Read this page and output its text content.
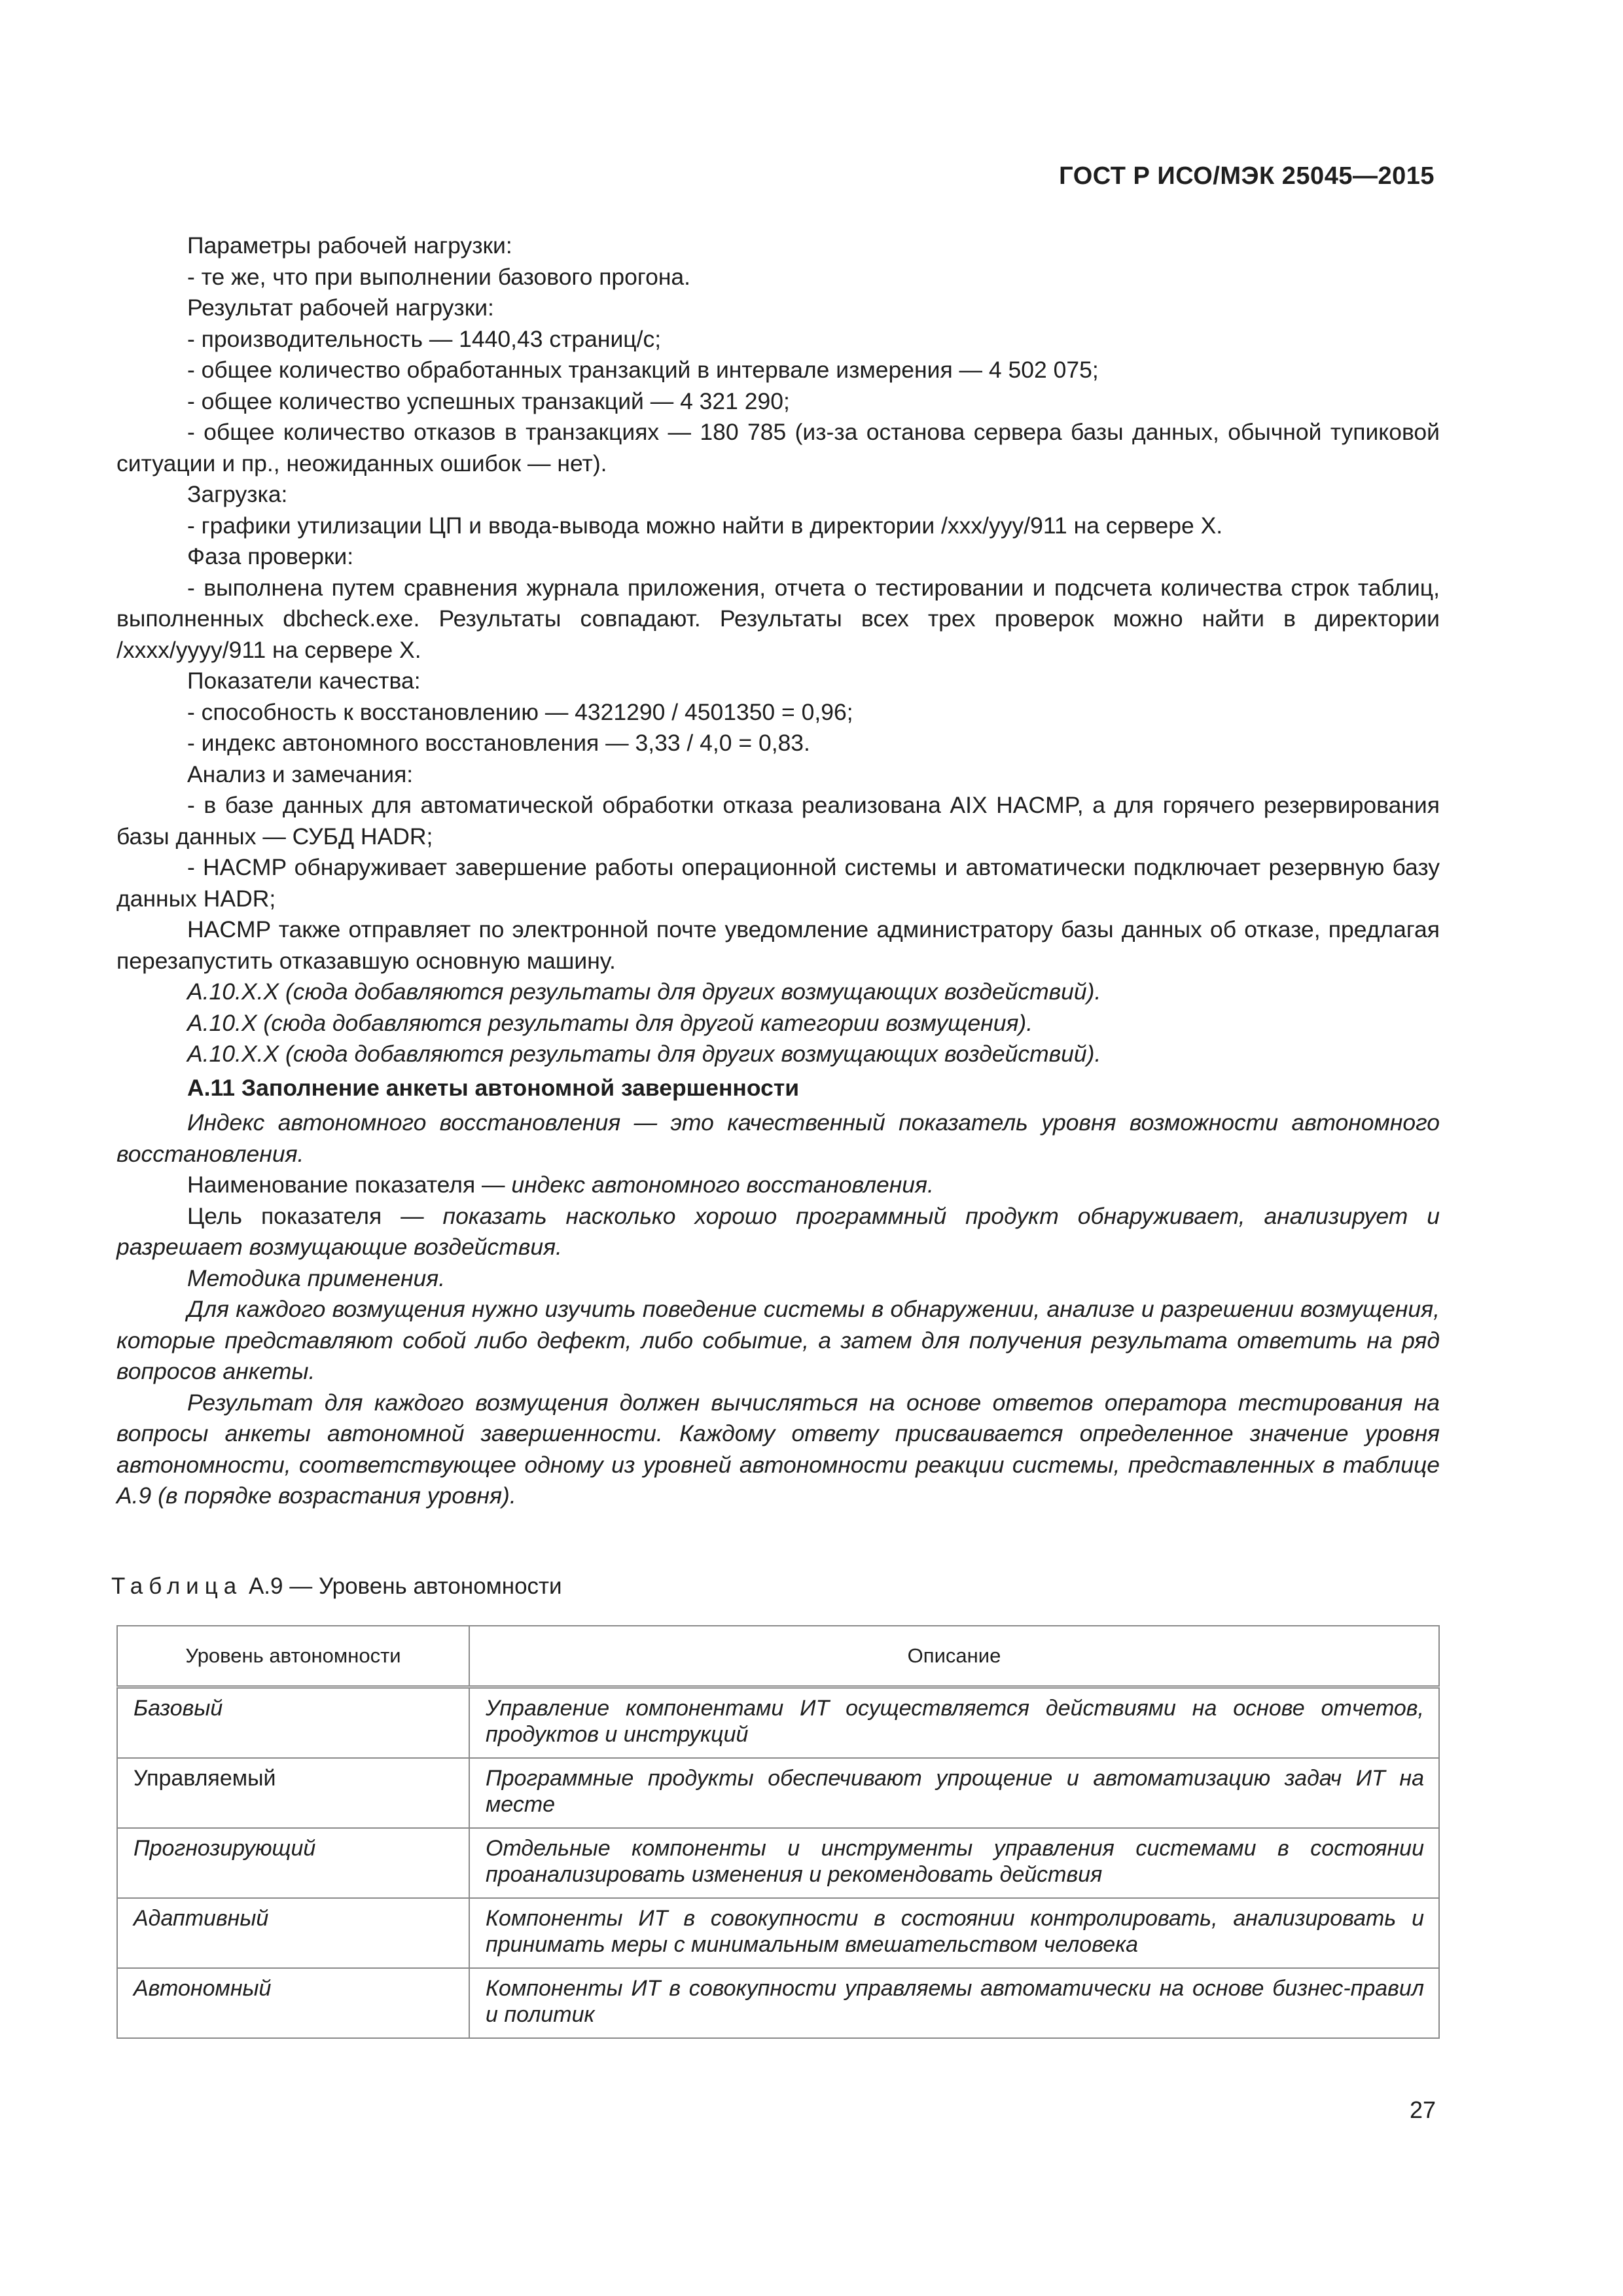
ГОСТ Р ИСО/МЭК 25045—2015

Параметры рабочей нагрузки:

- те же, что при выполнении базового прогона.

Результат рабочей нагрузки:

- производительность — 1440,43 страниц/с;

- общее количество обработанных транзакций в интервале измерения — 4 502 075;

- общее количество успешных транзакций — 4 321 290;

- общее количество отказов в транзакциях — 180 785 (из-за останова сервера базы данных, обычной тупиковой ситуации и пр., неожиданных ошибок — нет).

Загрузка:

- графики утилизации ЦП и ввода-вывода можно найти в директории /xxx/yyy/911 на сервере X.

Фаза проверки:

- выполнена путем сравнения журнала приложения, отчета о тестировании и подсчета количества строк таблиц, выполненных dbcheck.exe. Результаты совпадают. Результаты всех трех проверок можно найти в директории /xxxx/yyyy/911 на сервере X.

Показатели качества:

- способность к восстановлению — 4321290 / 4501350 = 0,96;

- индекс автономного восстановления — 3,33 / 4,0 = 0,83.

Анализ и замечания:

- в базе данных для автоматической обработки отказа реализована AIX HACMP, а для горячего резервирования базы данных — СУБД HADR;

- HACMP обнаруживает завершение работы операционной системы и автоматически подключает резервную базу данных HADR;

HACMP также отправляет по электронной почте уведомление администратору базы данных об отказе, предлагая перезапустить отказавшую основную машину.

А.10.Х.Х (сюда добавляются результаты для других возмущающих воздействий).

А.10.Х (сюда добавляются результаты для другой категории возмущения).

А.10.Х.Х (сюда добавляются результаты для других возмущающих воздействий).

А.11 Заполнение анкеты автономной завершенности

Индекс автономного восстановления — это качественный показатель уровня возможности автономного восстановления.

Наименование показателя — индекс автономного восстановления.

Цель показателя — показать насколько хорошо программный продукт обнаруживает, анализирует и разрешает возмущающие воздействия.

Методика применения.

Для каждого возмущения нужно изучить поведение системы в обнаружении, анализе и разрешении возмущения, которые представляют собой либо дефект, либо событие, а затем для получения результата ответить на ряд вопросов анкеты.

Результат для каждого возмущения должен вычисляться на основе ответов оператора тестирования на вопросы анкеты автономной завершенности. Каждому ответу присваивается определенное значение уровня автономности, соответствующее одному из уровней автономности реакции системы, представленных в таблице А.9 (в порядке возрастания уровня).

Таблица А.9 — Уровень автономности
Уровень автономности	Описание
Базовый	Управление компонентами ИТ осуществляется действиями на основе отчетов, продуктов и инструкций
Управляемый	Программные продукты обеспечивают упрощение и автоматизацию задач ИТ на месте
Прогнозирующий	Отдельные компоненты и инструменты управления системами в состоянии проанализировать изменения и рекомендовать действия
Адаптивный	Компоненты ИТ в совокупности в состоянии контролировать, анализировать и принимать меры с минимальным вмешательством человека
Автономный	Компоненты ИТ в совокупности управляемы автоматически на основе бизнес-правил и политик
27
